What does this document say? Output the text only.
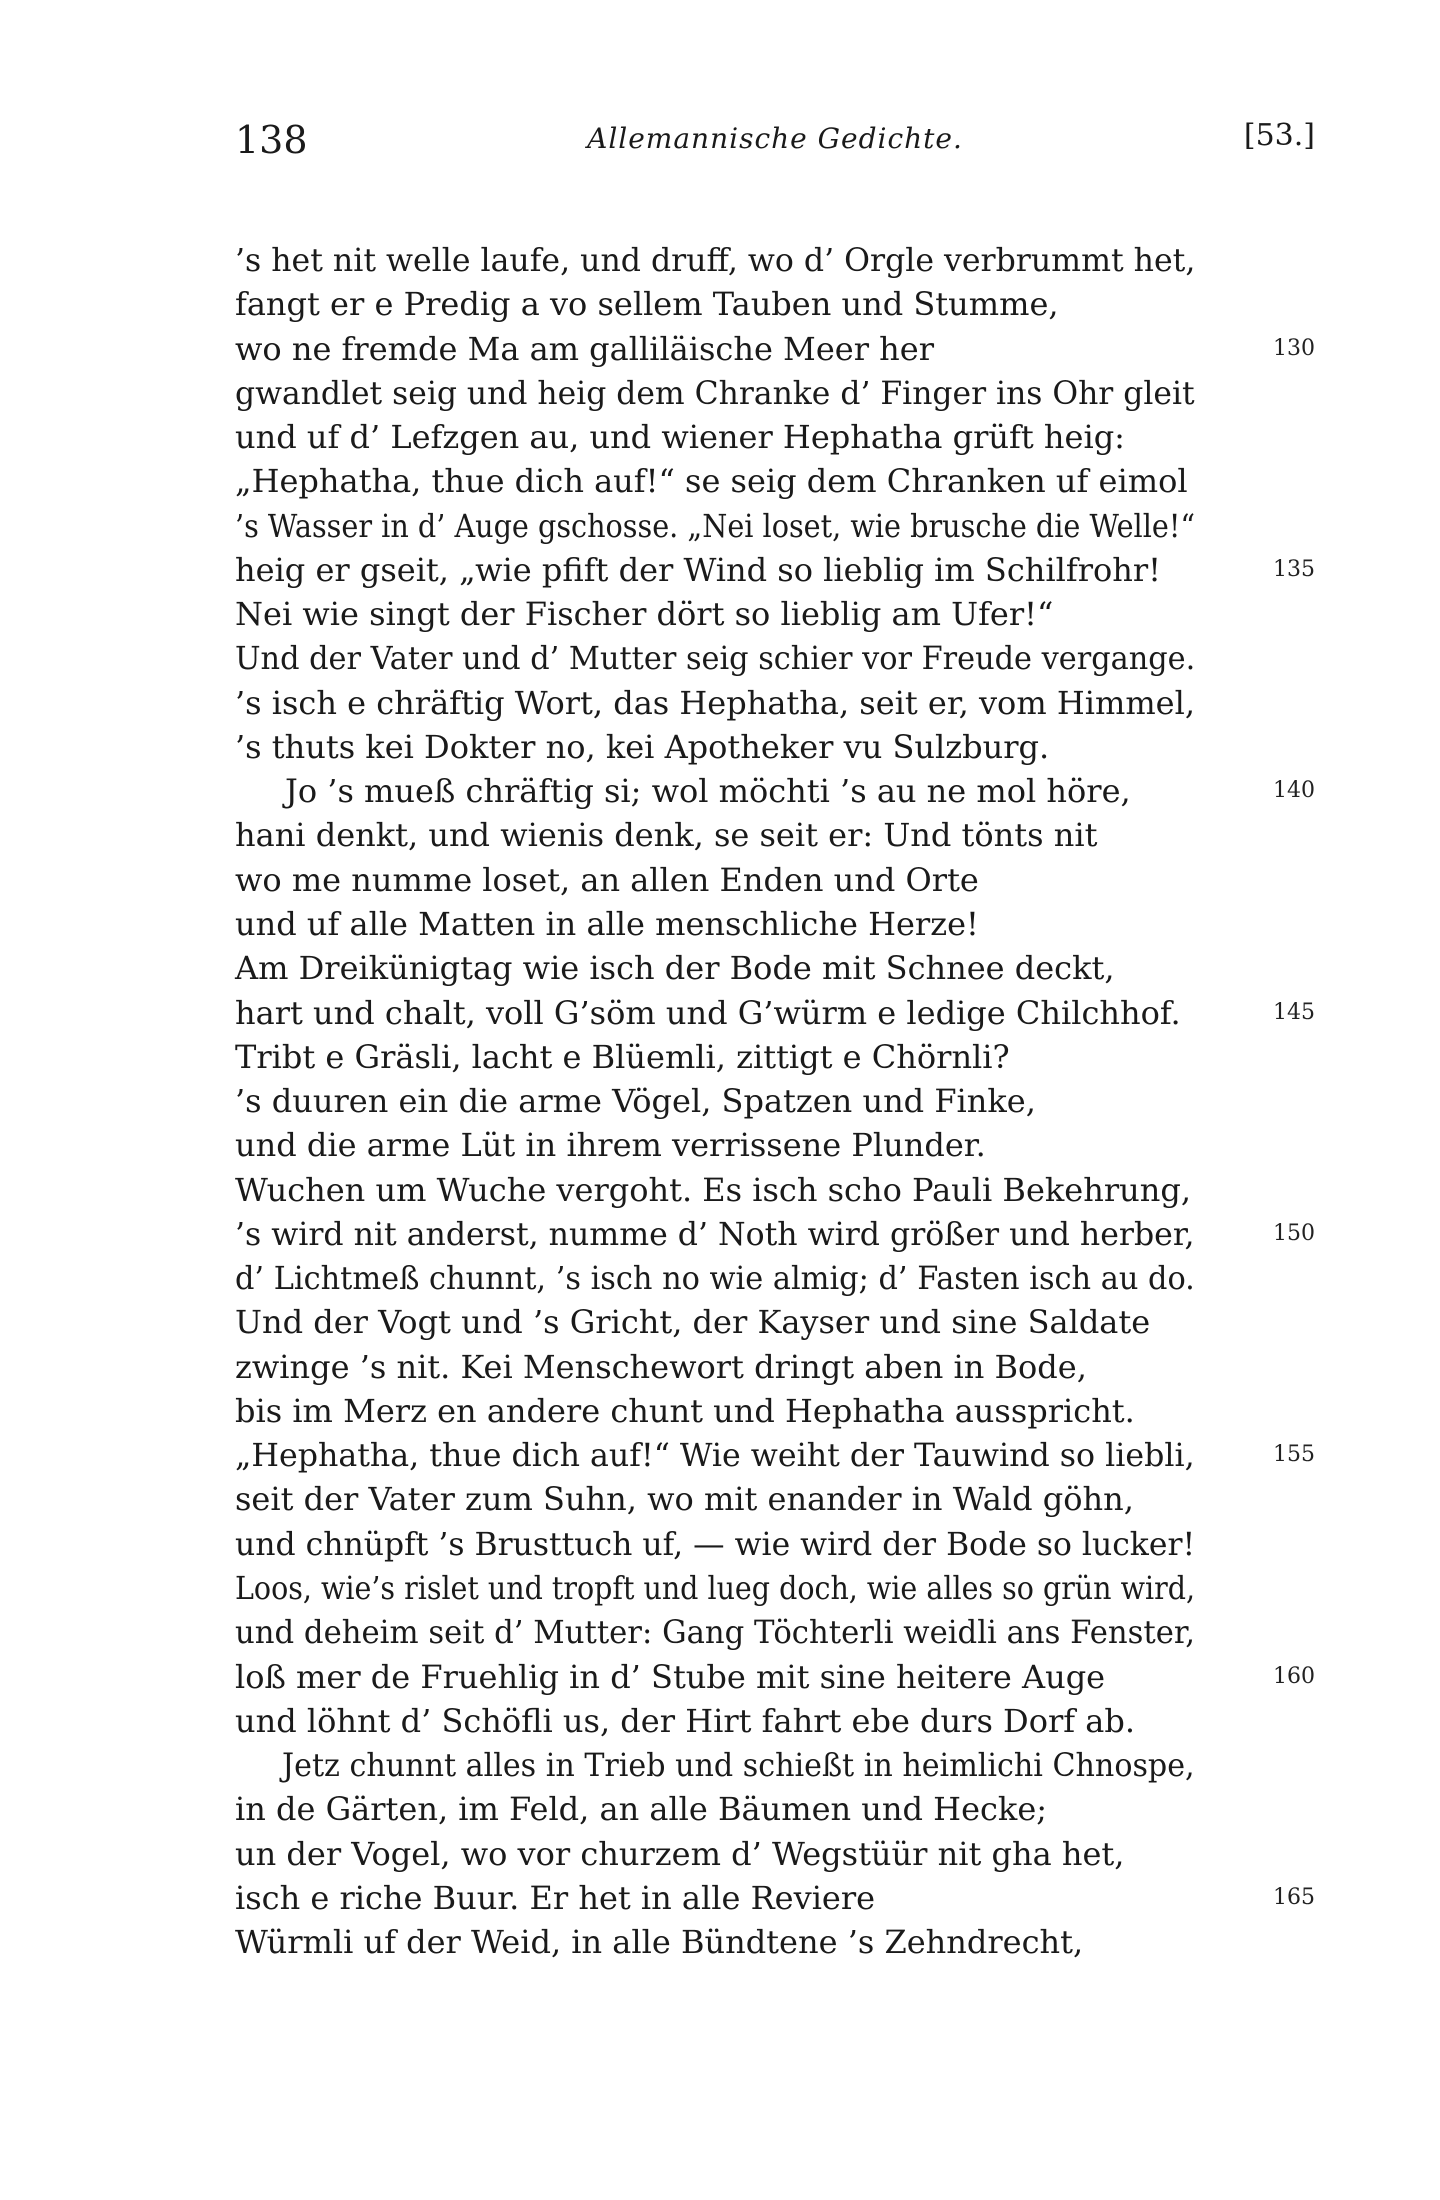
138	Allemannische Gedichte.	[53.]
’s het nit welle laufe, und druff, wo d’ Orgle verbrummt het,
fangt er e Predig a vo sellem Tauben und Stumme,
wo ne fremde Ma am galliläische Meer her	130
gwandlet seig und heig dem Chranke d’ Finger ins Ohr gleit
und uf d’ Lefzgen au, und wiener Hephatha grüft heig:
„Hephatha, thue dich auf!“ se seig dem Chranken uf eimol
’s Wasser in d’ Auge gschosse. „Nei loset, wie brusche die Welle!“
heig er gseit, „wie pfift der Wind so lieblig im Schilfrohr!	135
Nei wie singt der Fischer dört so lieblig am Ufer!“
Und der Vater und d’ Mutter seig schier vor Freude vergange.
’s isch e chräftig Wort, das Hephatha, seit er, vom Himmel,
’s thuts kei Dokter no, kei Apotheker vu Sulzburg.
Jo ’s mueß chräftig si; wol möchti ’s au ne mol höre,	140
hani denkt, und wienis denk, se seit er: Und tönts nit
wo me numme loset, an allen Enden und Orte
und uf alle Matten in alle menschliche Herze!
Am Dreikünigtag wie isch der Bode mit Schnee deckt,
hart und chalt, voll G’söm und G’würm e ledige Chilchhof.	145
Tribt e Gräsli, lacht e Blüemli, zittigt e Chörnli?
’s duuren ein die arme Vögel, Spatzen und Finke,
und die arme Lüt in ihrem verrissene Plunder.
Wuchen um Wuche vergoht. Es isch scho Pauli Bekehrung,
’s wird nit anderst, numme d’ Noth wird größer und herber,	150
d’ Lichtmeß chunnt, ’s isch no wie almig; d’ Fasten isch au do.
Und der Vogt und ’s Gricht, der Kayser und sine Saldate
zwinge ’s nit. Kei Menschewort dringt aben in Bode,
bis im Merz en andere chunt und Hephatha ausspricht.
„Hephatha, thue dich auf!“ Wie weiht der Tauwind so liebli,	155
seit der Vater zum Suhn, wo mit enander in Wald göhn,
und chnüpft ’s Brusttuch uf, — wie wird der Bode so lucker!
Loos, wie’s rislet und tropft und lueg doch, wie alles so grün wird,
und deheim seit d’ Mutter: Gang Töchterli weidli ans Fenster,
loß mer de Fruehlig in d’ Stube mit sine heitere Auge	160
und löhnt d’ Schöfli us, der Hirt fahrt ebe durs Dorf ab.
Jetz chunnt alles in Trieb und schießt in heimlichi Chnospe,
in de Gärten, im Feld, an alle Bäumen und Hecke;
un der Vogel, wo vor churzem d’ Wegstüür nit gha het,
isch e riche Buur. Er het in alle Reviere	165
Würmli uf der Weid, in alle Bündtene ’s Zehndrecht,
